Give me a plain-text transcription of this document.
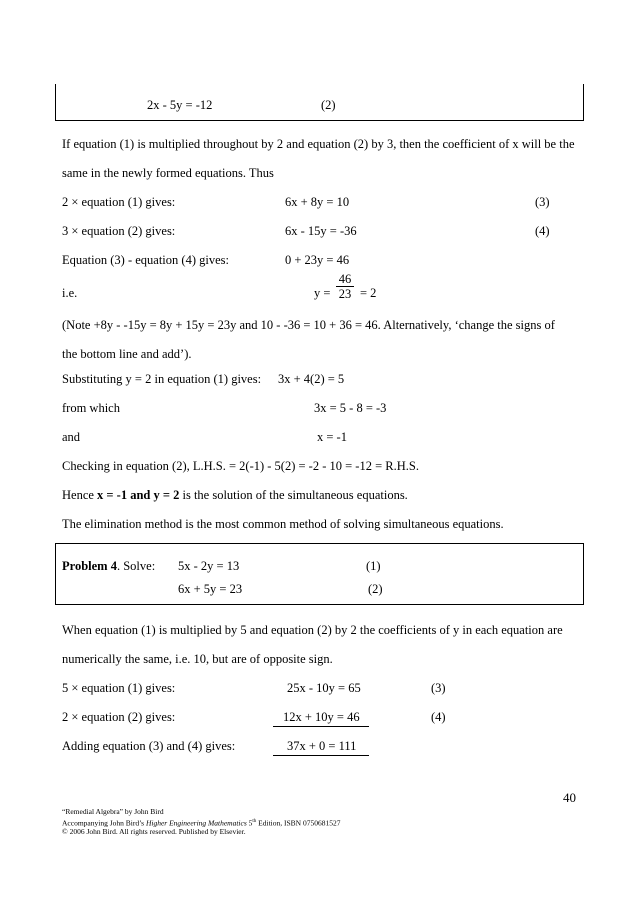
2x - 5y = -12	(2)
If equation (1) is multiplied throughout by 2 and equation (2) by 3, then the coefficient of x will be the
same in the newly formed equations. Thus
2 × equation (1) gives:	6x + 8y = 10	(3)
3 × equation (2) gives:	6x - 15y = -36	(4)
Equation (3) - equation (4) gives:	0 + 23y = 46
i.e.	$y = \frac{46}{23} = 2$
(Note +8y - -15y = 8y + 15y = 23y and 10 - -36 = 10 + 36 = 46. Alternatively, ‘change the signs of
the bottom line and add’).
Substituting y = 2 in equation (1) gives: 3x + 4(2) = 5
from which	3x = 5 - 8 = -3
and	x = -1
Checking in equation (2), L.H.S. = 2(-1) - 5(2) = -2 - 10 = -12 = R.H.S.
Hence x = -1 and y = 2 is the solution of the simultaneous equations.
The elimination method is the most common method of solving simultaneous equations.
Problem 4. Solve: 5x - 2y = 13	(1)
6x + 5y = 23	(2)
When equation (1) is multiplied by 5 and equation (2) by 2 the coefficients of y in each equation are
numerically the same, i.e. 10, but are of opposite sign.
5 × equation (1) gives:	25x - 10y = 65	(3)
2 × equation (2) gives:	12x + 10y = 46	(4)
Adding equation (3) and (4) gives:	37x + 0 = 111
40
“Remedial Algebra” by John Bird
Accompanying John Bird’s Higher Engineering Mathematics 5th Edition, ISBN 0750681527
© 2006 John Bird. All rights reserved. Published by Elsevier.
